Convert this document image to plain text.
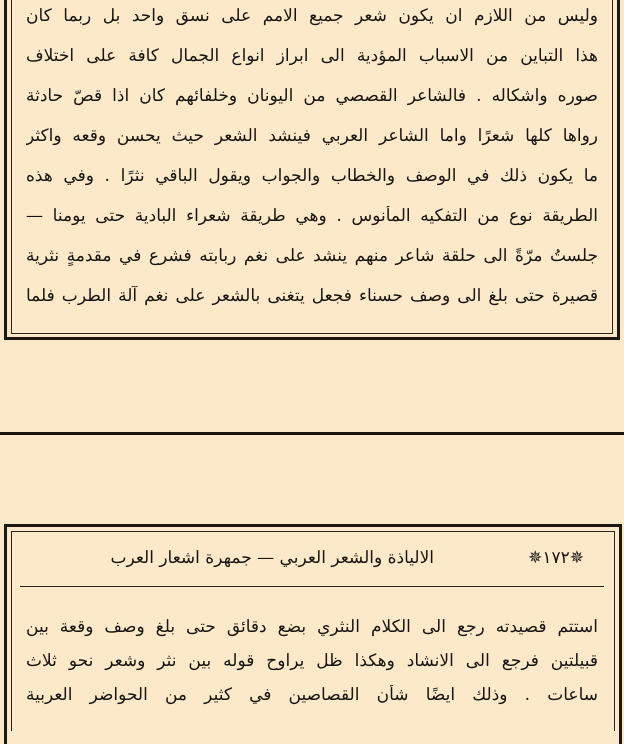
وليس من اللازم ان يكون شعر جميع الامم على نسق واحد بل ربما كان
هذا التباين من الاسباب المؤدية الى ابراز انواع الجمال كافة على اختلاف
صوره واشكاله . فالشاعر القصصي من اليونان وخلفائهم كان اذا قصّ حادثة
رواها كلها شعرًا واما الشاعر العربي فينشد الشعر حيث يحسن وقعه واكثر
ما يكون ذلك في الوصف والخطاب والجواب ويقول الباقي نثرًا . وفي هذه
الطريقة نوع من التفكيه المأنوس . وهي طريقة شعراء البادية حتى يومنا —
جلستُ مرّةً الى حلقة شاعر منهم ينشد على نغم ربابته فشرع في مقدمةٍ نثرية
قصيرة حتى بلغ الى وصف حسناء فجعل يتغنى بالشعر على نغم آلة الطرب فلما
✵١٧٢✵
الالياذة والشعر العربي — جمهرة اشعار العرب
استتم قصيدته رجع الى الكلام النثري بضع دقائق حتى بلغ وصف وقعة بين
قبيلتين فرجع الى الانشاد وهكذا ظل يراوح قوله بين نثر وشعر نحو ثلاث
ساعات . وذلك ايضًا شأن القصاصين في كثير من الحواضر العربية
